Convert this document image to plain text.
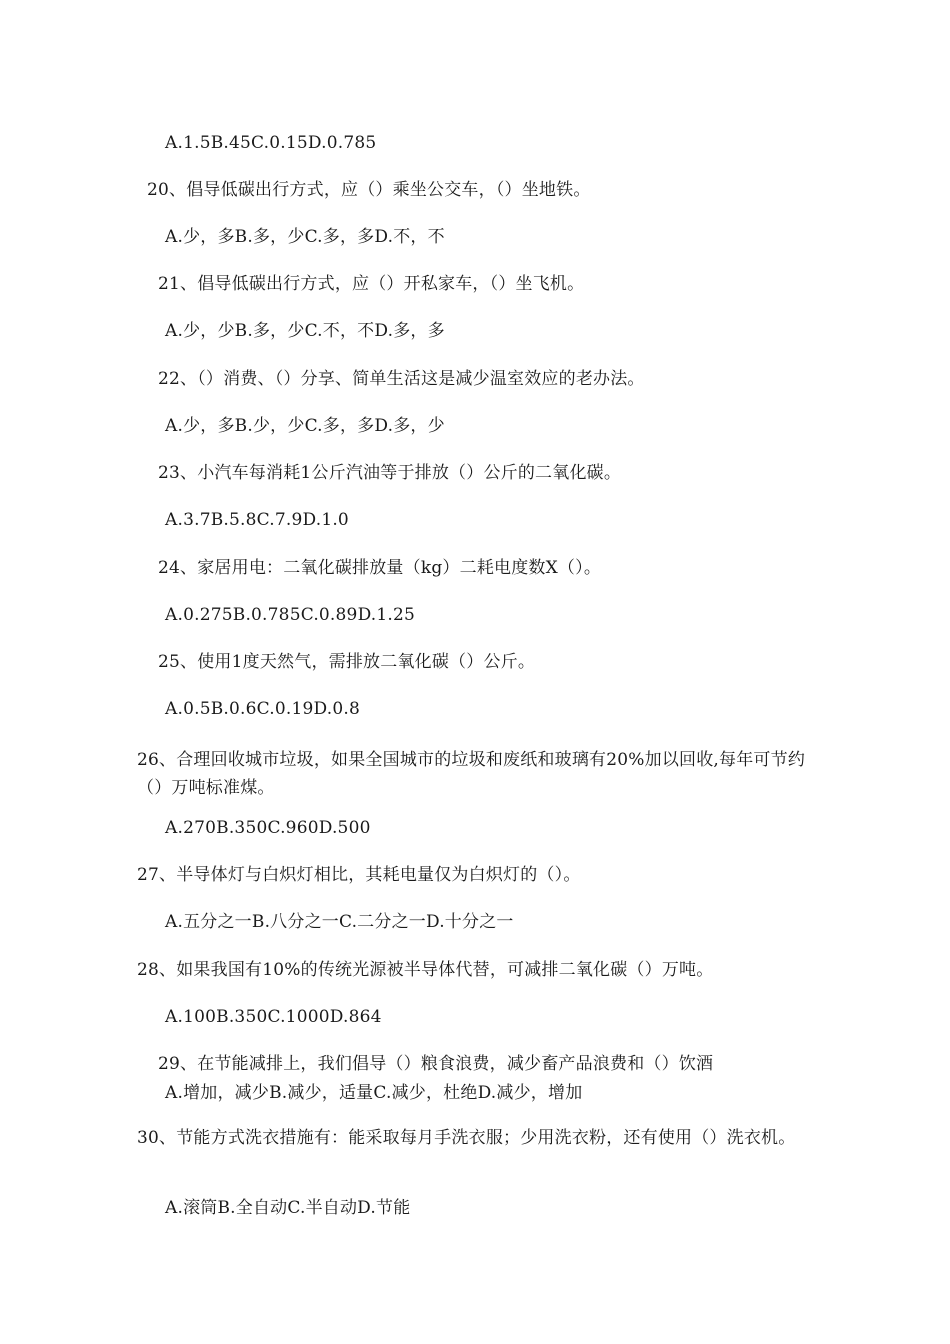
A.1.5B.45C.0.15D.0.785
20、倡导低碳出行方式，应（）乘坐公交车，（）坐地铁。
A.少，多B.多，少C.多，多D.不，不
21、倡导低碳出行方式，应（）开私家车，（）坐飞机。
A.少，少B.多，少C.不，不D.多，多
22、（）消费、（）分享、简单生活这是减少温室效应的老办法。
A.少，多B.少，少C.多，多D.多，少
23、小汽车每消耗1公斤汽油等于排放（）公斤的二氧化碳。
A.3.7B.5.8C.7.9D.1.0
24、家居用电：二氧化碳排放量（kg）二耗电度数X（）。
A.0.275B.0.785C.0.89D.1.25
25、使用1度天然气，需排放二氧化碳（）公斤。
A.0.5B.0.6C.0.19D.0.8
26、合理回收城市垃圾，如果全国城市的垃圾和废纸和玻璃有20%加以回收,每年可节约（）万吨标准煤。
A.270B.350C.960D.500
27、半导体灯与白炽灯相比，其耗电量仅为白炽灯的（）。
A.五分之一B.八分之一C.二分之一D.十分之一
28、如果我国有10%的传统光源被半导体代替，可减排二氧化碳（）万吨。
A.100B.350C.1000D.864
29、在节能减排上，我们倡导（）粮食浪费，减少畜产品浪费和（）饮酒
A.增加，减少B.减少，适量C.减少，杜绝D.减少，增加
30、节能方式洗衣措施有：能采取每月手洗衣服；少用洗衣粉，还有使用（）洗衣机。
A.滚筒B.全自动C.半自动D.节能
